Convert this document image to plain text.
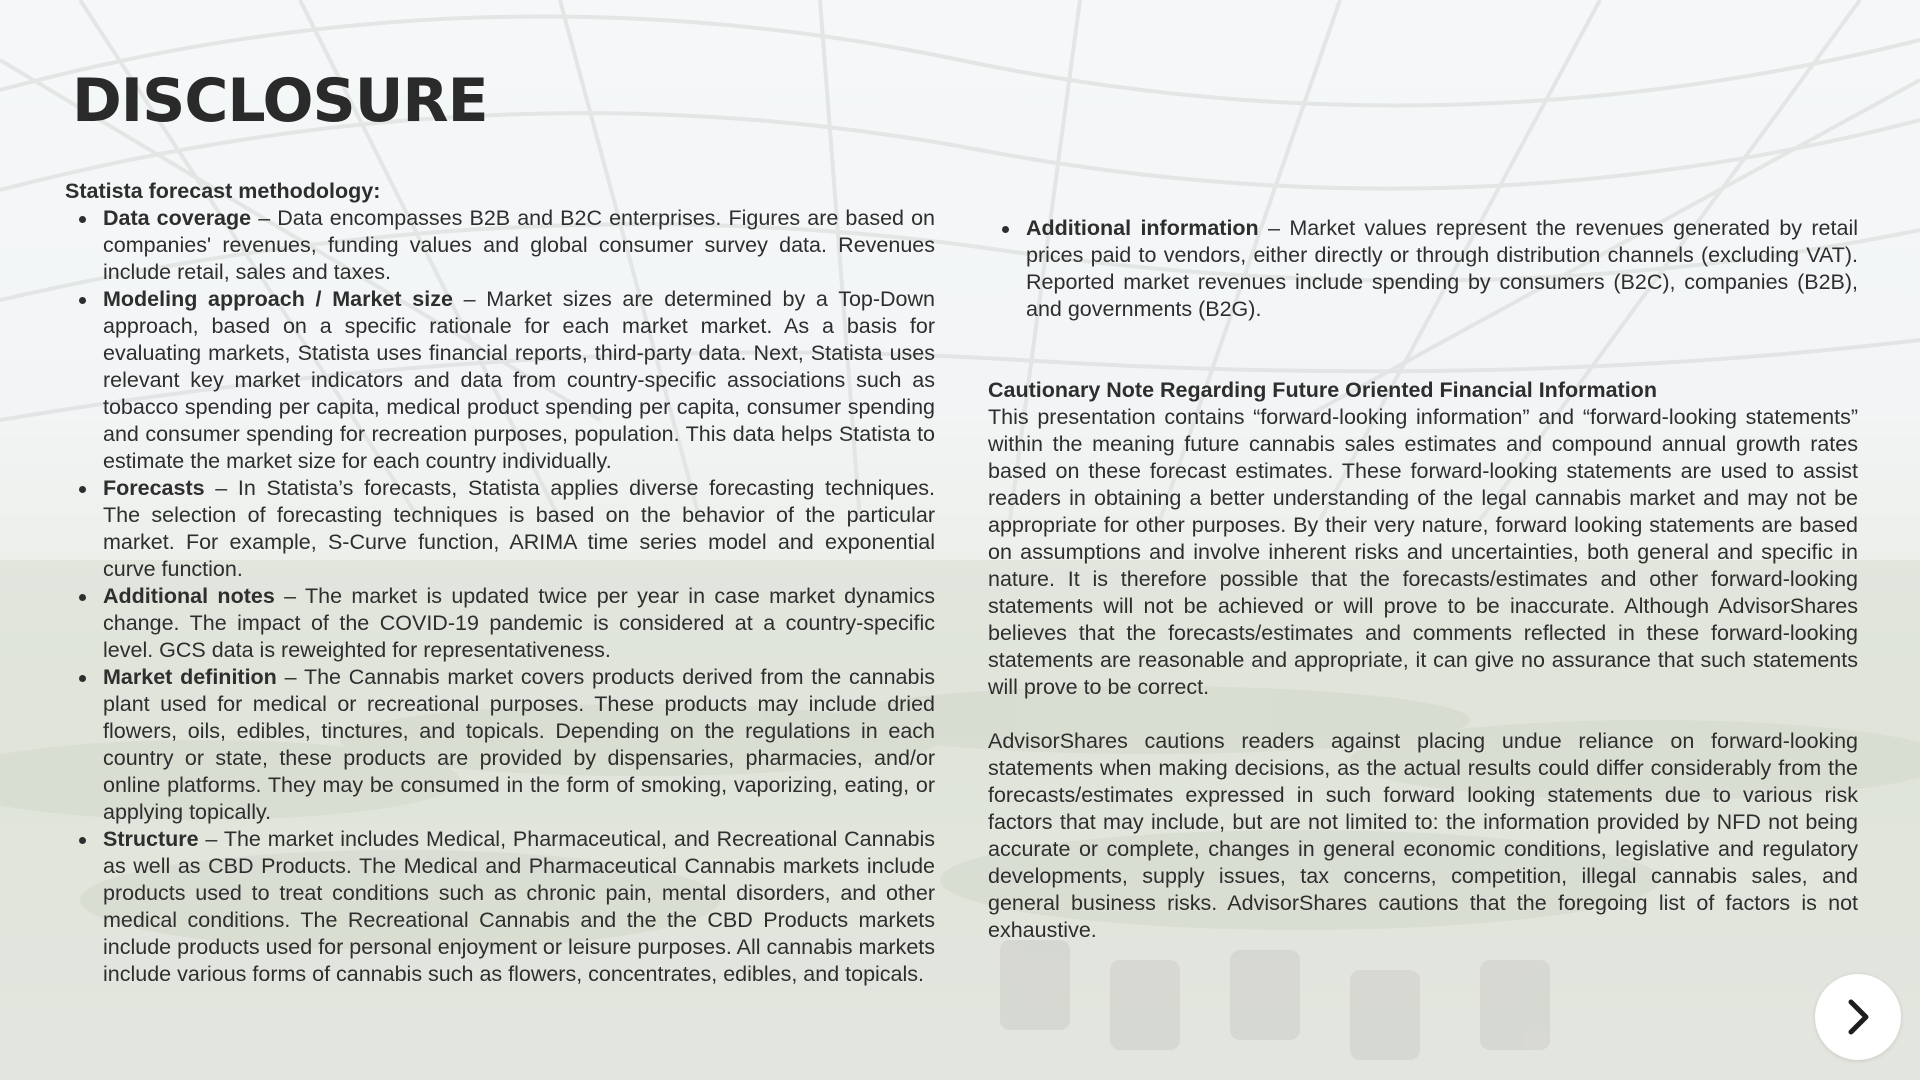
DISCLOSURE

Statista forecast methodology:

Data coverage – Data encompasses B2B and B2C enterprises. Figures are based on companies' revenues, funding values and global consumer survey data. Revenues include retail, sales and taxes.
Modeling approach / Market size – Market sizes are determined by a Top-Down approach, based on a specific rationale for each market market. As a basis for evaluating markets, Statista uses financial reports, third-party data. Next, Statista uses relevant key market indicators and data from country-specific associations such as tobacco spending per capita, medical product spending per capita, consumer spending and consumer spending for recreation purposes, population. This data helps Statista to estimate the market size for each country individually.
Forecasts – In Statista’s forecasts, Statista applies diverse forecasting techniques. The selection of forecasting techniques is based on the behavior of the particular market. For example, S-Curve function, ARIMA time series model and exponential curve function.
Additional notes – The market is updated twice per year in case market dynamics change. The impact of the COVID-19 pandemic is considered at a country-specific level. GCS data is reweighted for representativeness.
Market definition – The Cannabis market covers products derived from the cannabis plant used for medical or recreational purposes. These products may include dried flowers, oils, edibles, tinctures, and topicals. Depending on the regulations in each country or state, these products are provided by dispensaries, pharmacies, and/or online platforms. They may be consumed in the form of smoking, vaporizing, eating, or applying topically.
Structure – The market includes Medical, Pharmaceutical, and Recreational Cannabis as well as CBD Products. The Medical and Pharmaceutical Cannabis markets include products used to treat conditions such as chronic pain, mental disorders, and other medical conditions. The Recreational Cannabis and the the CBD Products markets include products used for personal enjoyment or leisure purposes. All cannabis markets include various forms of cannabis such as flowers, concentrates, edibles, and topicals.
Additional information – Market values represent the revenues generated by retail prices paid to vendors, either directly or through distribution channels (excluding VAT). Reported market revenues include spending by consumers (B2C), companies (B2B), and governments (B2G).

Cautionary Note Regarding Future Oriented Financial Information

This presentation contains “forward-looking information” and “forward-looking statements” within the meaning future cannabis sales estimates and compound annual growth rates based on these forecast estimates. These forward-looking statements are used to assist readers in obtaining a better understanding of the legal cannabis market and may not be appropriate for other purposes. By their very nature, forward looking statements are based on assumptions and involve inherent risks and uncertainties, both general and specific in nature. It is therefore possible that the forecasts/estimates and other forward-looking statements will not be achieved or will prove to be inaccurate. Although AdvisorShares believes that the forecasts/estimates and comments reflected in these forward-looking statements are reasonable and appropriate, it can give no assurance that such statements will prove to be correct.

AdvisorShares cautions readers against placing undue reliance on forward-looking statements when making decisions, as the actual results could differ considerably from the forecasts/estimates expressed in such forward looking statements due to various risk factors that may include, but are not limited to: the information provided by NFD not being accurate or complete, changes in general economic conditions, legislative and regulatory developments, supply issues, tax concerns, competition, illegal cannabis sales, and general business risks. AdvisorShares cautions that the foregoing list of factors is not exhaustive.
